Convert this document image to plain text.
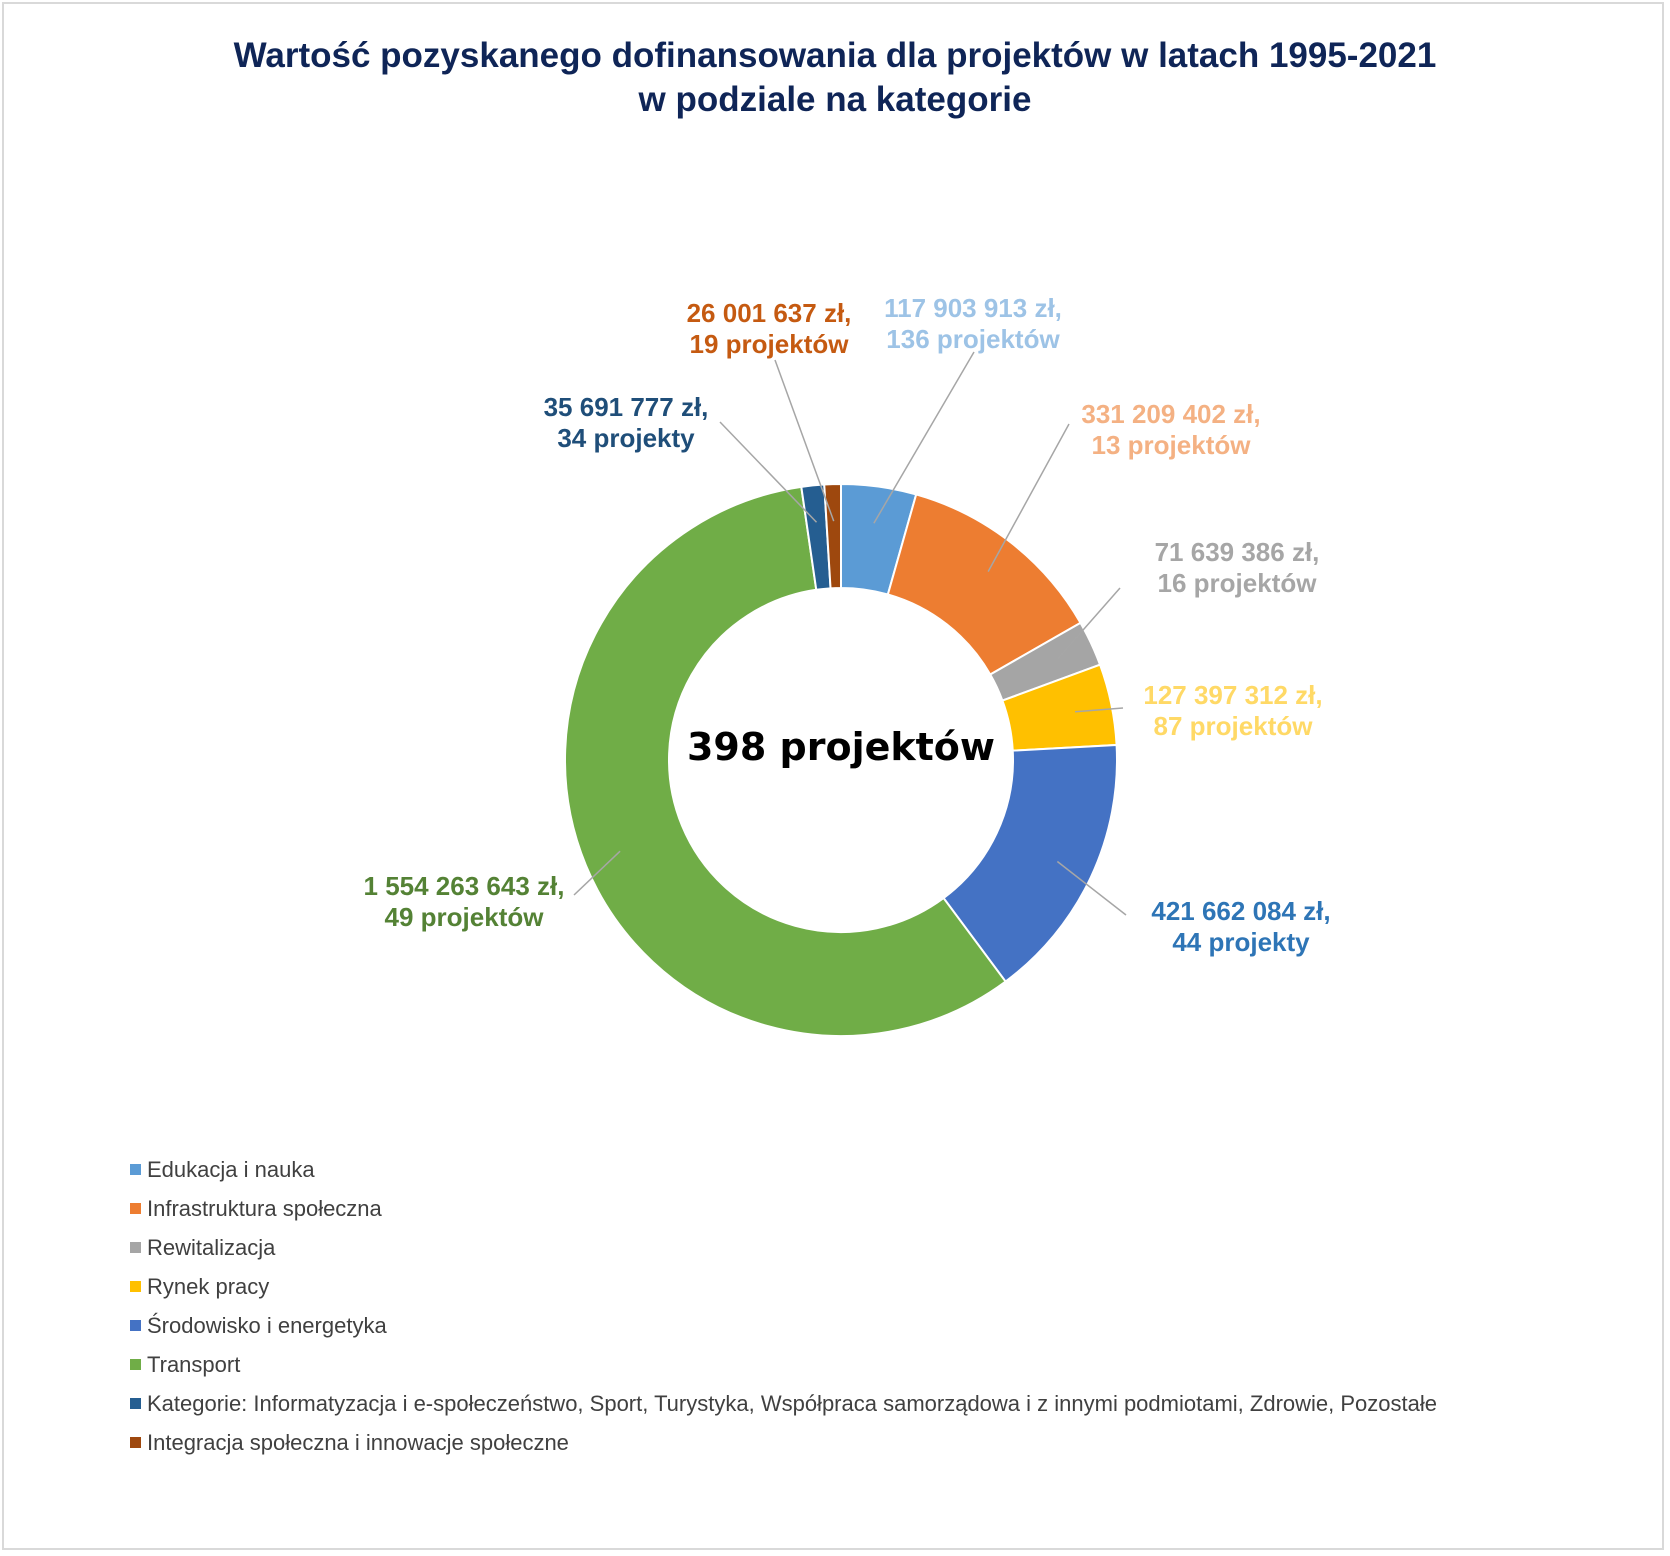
Wartość pozyskanego dofinansowania dla projektów w latach 1995-2021
w podziale na kategorie
117 903 913 zł, 136 projektów
331 209 402 zł, 13 projektów
71 639 386 zł, 16 projektów
127 397 312 zł, 87 projektów
421 662 084 zł, 44 projekty
1 554 263 643 zł, 49 projektów
35 691 777 zł, 34 projekty
26 001 637 zł, 19 projektów
398 projektów
Edukacja i nauka
Infrastruktura społeczna
Rewitalizacja
Rynek pracy
Środowisko i energetyka
Transport
Kategorie: Informatyzacja i e-społeczeństwo, Sport, Turystyka, Współpraca samorządowa i z innymi podmiotami, Zdrowie, Pozostałe
Integracja społeczna i innowacje społeczne
